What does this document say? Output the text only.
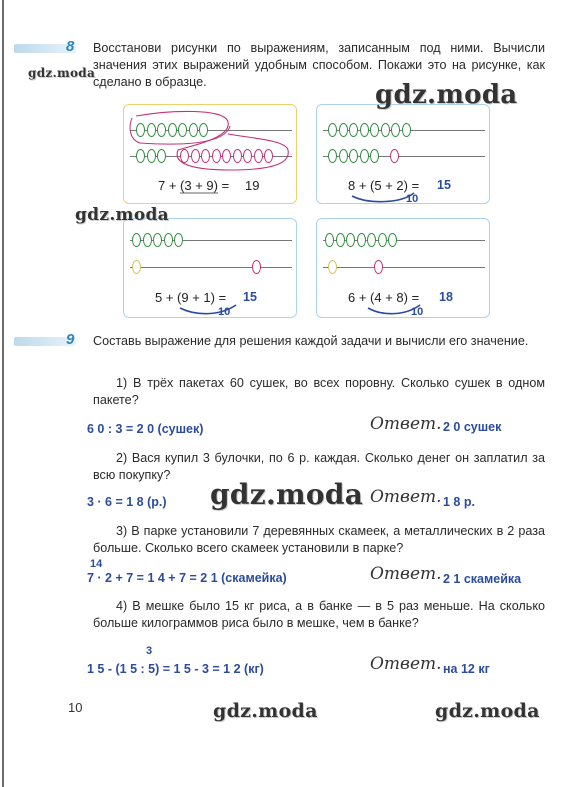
8 Восстанови рисунки по выражениям, записанным под ними. Вычисли значения этих выражений удобным способом. Покажи это на рисунке, как сделано в образце.
7 + (3 + 9) = 19	8 + (5 + 2) = 15
10
5 + (9 + 1) = 15
10
6 + (4 + 8) = 18
10
9 Составь выражение для решения каждой задачи и вычисли его значение.
1) В трёх пакетах 60 сушек, во всех поровну. Сколько сушек в одном пакете?
6 0 : 3 = 2 0 (сушек)	Ответ. 2 0 сушек
2) Вася купил 3 булочки, по 6 р. каждая. Сколько денег он заплатил за всю покупку?
3 · 6 = 1 8 (р.)	Ответ. 1 8 р.
3) В парке установили 7 деревянных скамеек, а металлических в 2 раза больше. Сколько всего скамеек установили в парке?
14
7 · 2 + 7 = 1 4 + 7 = 2 1 (скамейка)	Ответ. 2 1 скамейка
4) В мешке было 15 кг риса, а в банке — в 5 раз меньше. На сколько больше килограммов риса было в мешке, чем в банке?
3
1 5 - (1 5 : 5) = 1 5 - 3 = 1 2 (кг)	Ответ. на 12 кг
10
gdz.moda
gdz.moda
gdz.moda
gdz.moda
gdz.moda	gdz.moda
